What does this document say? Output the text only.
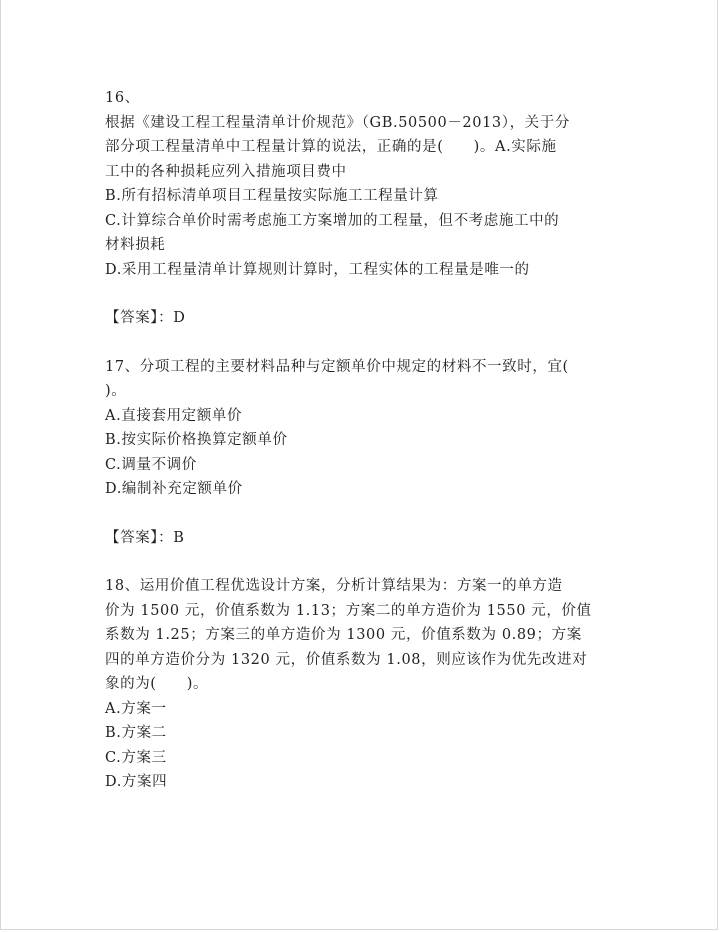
16、
根据《建设工程工程量清单计价规范》（GB.50500－2013），关于分
部分项工程量清单中工程量计算的说法，正确的是(　　)。A.实际施
工中的各种损耗应列入措施项目费中
B.所有招标清单项目工程量按实际施工工程量计算
C.计算综合单价时需考虑施工方案增加的工程量，但不考虑施工中的
材料损耗
D.采用工程量清单计算规则计算时，工程实体的工程量是唯一的
【答案】：D
17、分项工程的主要材料品种与定额单价中规定的材料不一致时，宜(
)。
A.直接套用定额单价
B.按实际价格换算定额单价
C.调量不调价
D.编制补充定额单价
【答案】：B
18、运用价值工程优选设计方案，分析计算结果为：方案一的单方造
价为 1500 元，价值系数为 1.13；方案二的单方造价为 1550 元，价值
系数为 1.25；方案三的单方造价为 1300 元，价值系数为 0.89；方案
四的单方造价分为 1320 元，价值系数为 1.08，则应该作为优先改进对
象的为(　　)。
A.方案一
B.方案二
C.方案三
D.方案四
